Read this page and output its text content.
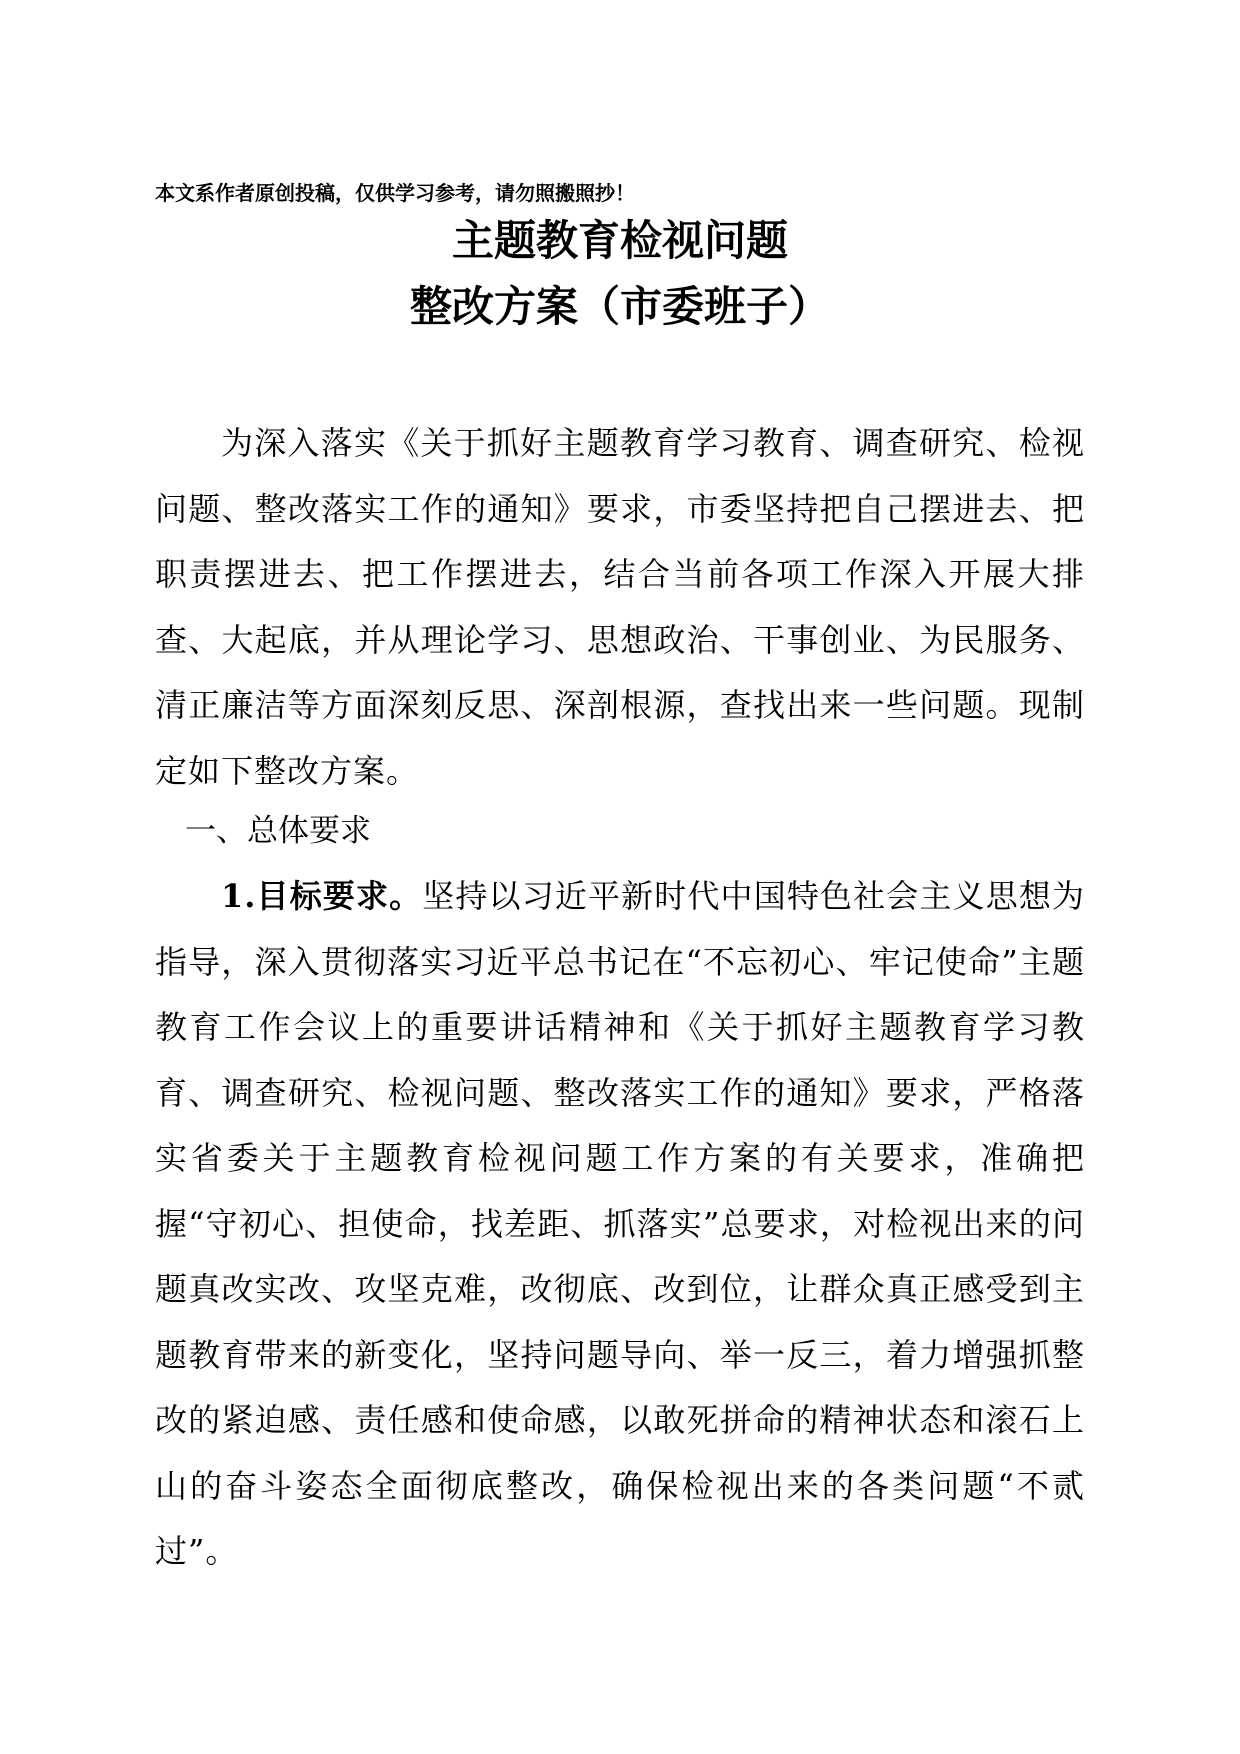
本文系作者原创投稿，仅供学习参考，请勿照搬照抄！
主题教育检视问题
整改方案（市委班子）

为深入落实《关于抓好主题教育学习教育、调查研究、检视问题、整改落实工作的通知》要求，市委坚持把自己摆进去、把职责摆进去、把工作摆进去，结合当前各项工作深入开展大排查、大起底，并从理论学习、思想政治、干事创业、为民服务、清正廉洁等方面深刻反思、深剖根源，查找出来一些问题。现制定如下整改方案。

一、总体要求

1.目标要求。坚持以习近平新时代中国特色社会主义思想为指导，深入贯彻落实习近平总书记在“不忘初心、牢记使命”主题教育工作会议上的重要讲话精神和《关于抓好主题教育学习教育、调查研究、检视问题、整改落实工作的通知》要求，严格落实省委关于主题教育检视问题工作方案的有关要求，准确把握“守初心、担使命，找差距、抓落实”总要求，对检视出来的问题真改实改、攻坚克难，改彻底、改到位，让群众真正感受到主题教育带来的新变化，坚持问题导向、举一反三，着力增强抓整改的紧迫感、责任感和使命感，以敢死拼命的精神状态和滚石上山的奋斗姿态全面彻底整改，确保检视出来的各类问题“不贰过”。
